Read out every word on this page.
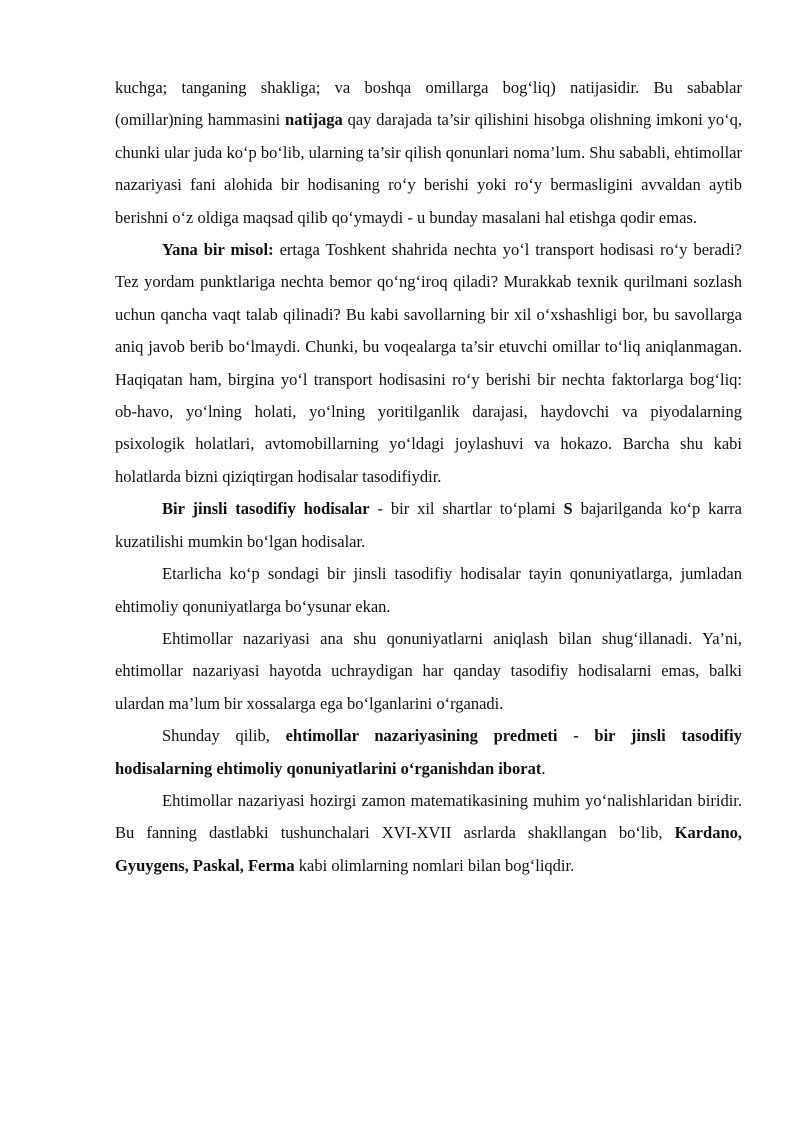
kuchga; tanganing shakliga; va boshqa omillarga bog‘liq) natijasidir. Bu sabablar (omillar)ning hammasini natijaga qay darajada ta’sir qilishini hisobga olishning imkoni yo‘q, chunki ular juda ko‘p bo‘lib, ularning ta’sir qilish qonunlari noma’lum. Shu sababli, ehtimollar nazariyasi fani alohida bir hodisaning ro‘y berishi yoki ro‘y bermasligini avvaldan aytib berishni o‘z oldiga maqsad qilib qo‘ymaydi - u bunday masalani hal etishga qodir emas.

Yana bir misol: ertaga Toshkent shahrida nechta yo‘l transport hodisasi ro‘y beradi? Tez yordam punktlariga nechta bemor qo‘ng‘iroq qiladi? Murakkab texnik qurilmani sozlash uchun qancha vaqt talab qilinadi? Bu kabi savollarning bir xil o‘xshashligi bor, bu savollarga aniq javob berib bo‘lmaydi. Chunki, bu voqealarga ta’sir etuvchi omillar to‘liq aniqlanmagan. Haqiqatan ham, birgina yo‘l transport hodisasini ro‘y berishi bir nechta faktorlarga bog‘liq: ob-havo, yo‘lning holati, yo‘lning yoritilganlik darajasi, haydovchi va piyodalarning psixologik holatlari, avtomobillarning yo‘ldagi joylashuvi va hokazo. Barcha shu kabi holatlarda bizni qiziqtirgan hodisalar tasodifiydir.

Bir jinsli tasodifiy hodisalar - bir xil shartlar to‘plami S bajarilganda ko‘p karra kuzatilishi mumkin bo‘lgan hodisalar.

Etarlicha ko‘p sondagi bir jinsli tasodifiy hodisalar tayin qonuniyatlarga, jumladan ehtimoliy qonuniyatlarga bo‘ysunar ekan.

Ehtimollar nazariyasi ana shu qonuniyatlarni aniqlash bilan shug‘illanadi. Ya’ni, ehtimollar nazariyasi hayotda uchraydigan har qanday tasodifiy hodisalarni emas, balki ulardan ma’lum bir xossalarga ega bo‘lganlarini o‘rganadi.

Shunday qilib, ehtimollar nazariyasining predmeti - bir jinsli tasodifiy hodisalarning ehtimoliy qonuniyatlarini o‘rganishdan iborat.

Ehtimollar nazariyasi hozirgi zamon matematikasining muhim yo‘nalishlaridan biridir. Bu fanning dastlabki tushunchalari XVI-XVII asrlarda shakllangan bo‘lib, Kardano, Gyuygens, Paskal, Ferma kabi olimlarning nomlari bilan bog‘liqdir.
